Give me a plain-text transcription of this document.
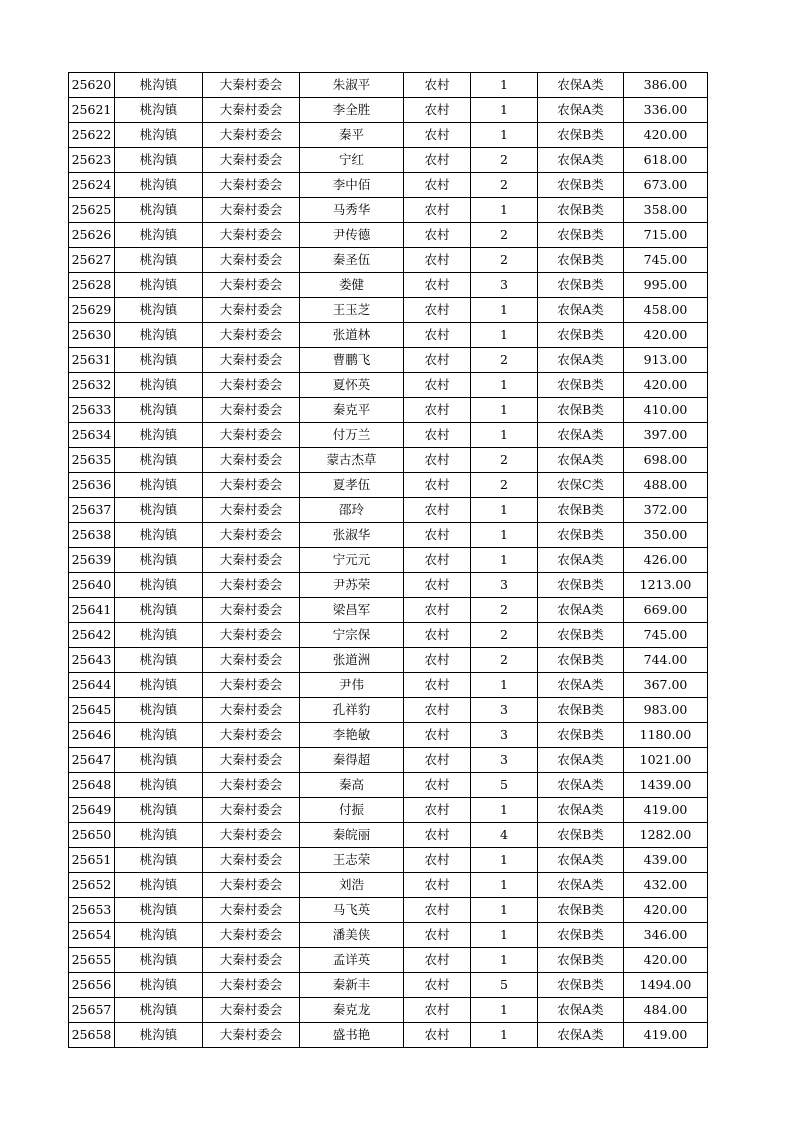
25620	桃沟镇	大秦村委会	朱淑平	农村	1	农保A类	386.00
25621	桃沟镇	大秦村委会	李全胜	农村	1	农保A类	336.00
25622	桃沟镇	大秦村委会	秦平	农村	1	农保B类	420.00
25623	桃沟镇	大秦村委会	宁红	农村	2	农保A类	618.00
25624	桃沟镇	大秦村委会	李中佰	农村	2	农保B类	673.00
25625	桃沟镇	大秦村委会	马秀华	农村	1	农保B类	358.00
25626	桃沟镇	大秦村委会	尹传德	农村	2	农保B类	715.00
25627	桃沟镇	大秦村委会	秦圣伍	农村	2	农保B类	745.00
25628	桃沟镇	大秦村委会	娄健	农村	3	农保B类	995.00
25629	桃沟镇	大秦村委会	王玉芝	农村	1	农保A类	458.00
25630	桃沟镇	大秦村委会	张道林	农村	1	农保B类	420.00
25631	桃沟镇	大秦村委会	曹鹏飞	农村	2	农保A类	913.00
25632	桃沟镇	大秦村委会	夏怀英	农村	1	农保B类	420.00
25633	桃沟镇	大秦村委会	秦克平	农村	1	农保B类	410.00
25634	桃沟镇	大秦村委会	付万兰	农村	1	农保A类	397.00
25635	桃沟镇	大秦村委会	蒙古杰草	农村	2	农保A类	698.00
25636	桃沟镇	大秦村委会	夏孝伍	农村	2	农保C类	488.00
25637	桃沟镇	大秦村委会	邵玲	农村	1	农保B类	372.00
25638	桃沟镇	大秦村委会	张淑华	农村	1	农保B类	350.00
25639	桃沟镇	大秦村委会	宁元元	农村	1	农保A类	426.00
25640	桃沟镇	大秦村委会	尹苏荣	农村	3	农保B类	1213.00
25641	桃沟镇	大秦村委会	梁昌军	农村	2	农保A类	669.00
25642	桃沟镇	大秦村委会	宁宗保	农村	2	农保B类	745.00
25643	桃沟镇	大秦村委会	张道洲	农村	2	农保B类	744.00
25644	桃沟镇	大秦村委会	尹伟	农村	1	农保A类	367.00
25645	桃沟镇	大秦村委会	孔祥豹	农村	3	农保B类	983.00
25646	桃沟镇	大秦村委会	李艳敏	农村	3	农保B类	1180.00
25647	桃沟镇	大秦村委会	秦得超	农村	3	农保A类	1021.00
25648	桃沟镇	大秦村委会	秦高	农村	5	农保A类	1439.00
25649	桃沟镇	大秦村委会	付振	农村	1	农保A类	419.00
25650	桃沟镇	大秦村委会	秦皖丽	农村	4	农保B类	1282.00
25651	桃沟镇	大秦村委会	王志荣	农村	1	农保A类	439.00
25652	桃沟镇	大秦村委会	刘浩	农村	1	农保A类	432.00
25653	桃沟镇	大秦村委会	马飞英	农村	1	农保B类	420.00
25654	桃沟镇	大秦村委会	潘美侠	农村	1	农保B类	346.00
25655	桃沟镇	大秦村委会	孟详英	农村	1	农保B类	420.00
25656	桃沟镇	大秦村委会	秦新丰	农村	5	农保B类	1494.00
25657	桃沟镇	大秦村委会	秦克龙	农村	1	农保A类	484.00
25658	桃沟镇	大秦村委会	盛书艳	农村	1	农保A类	419.00
